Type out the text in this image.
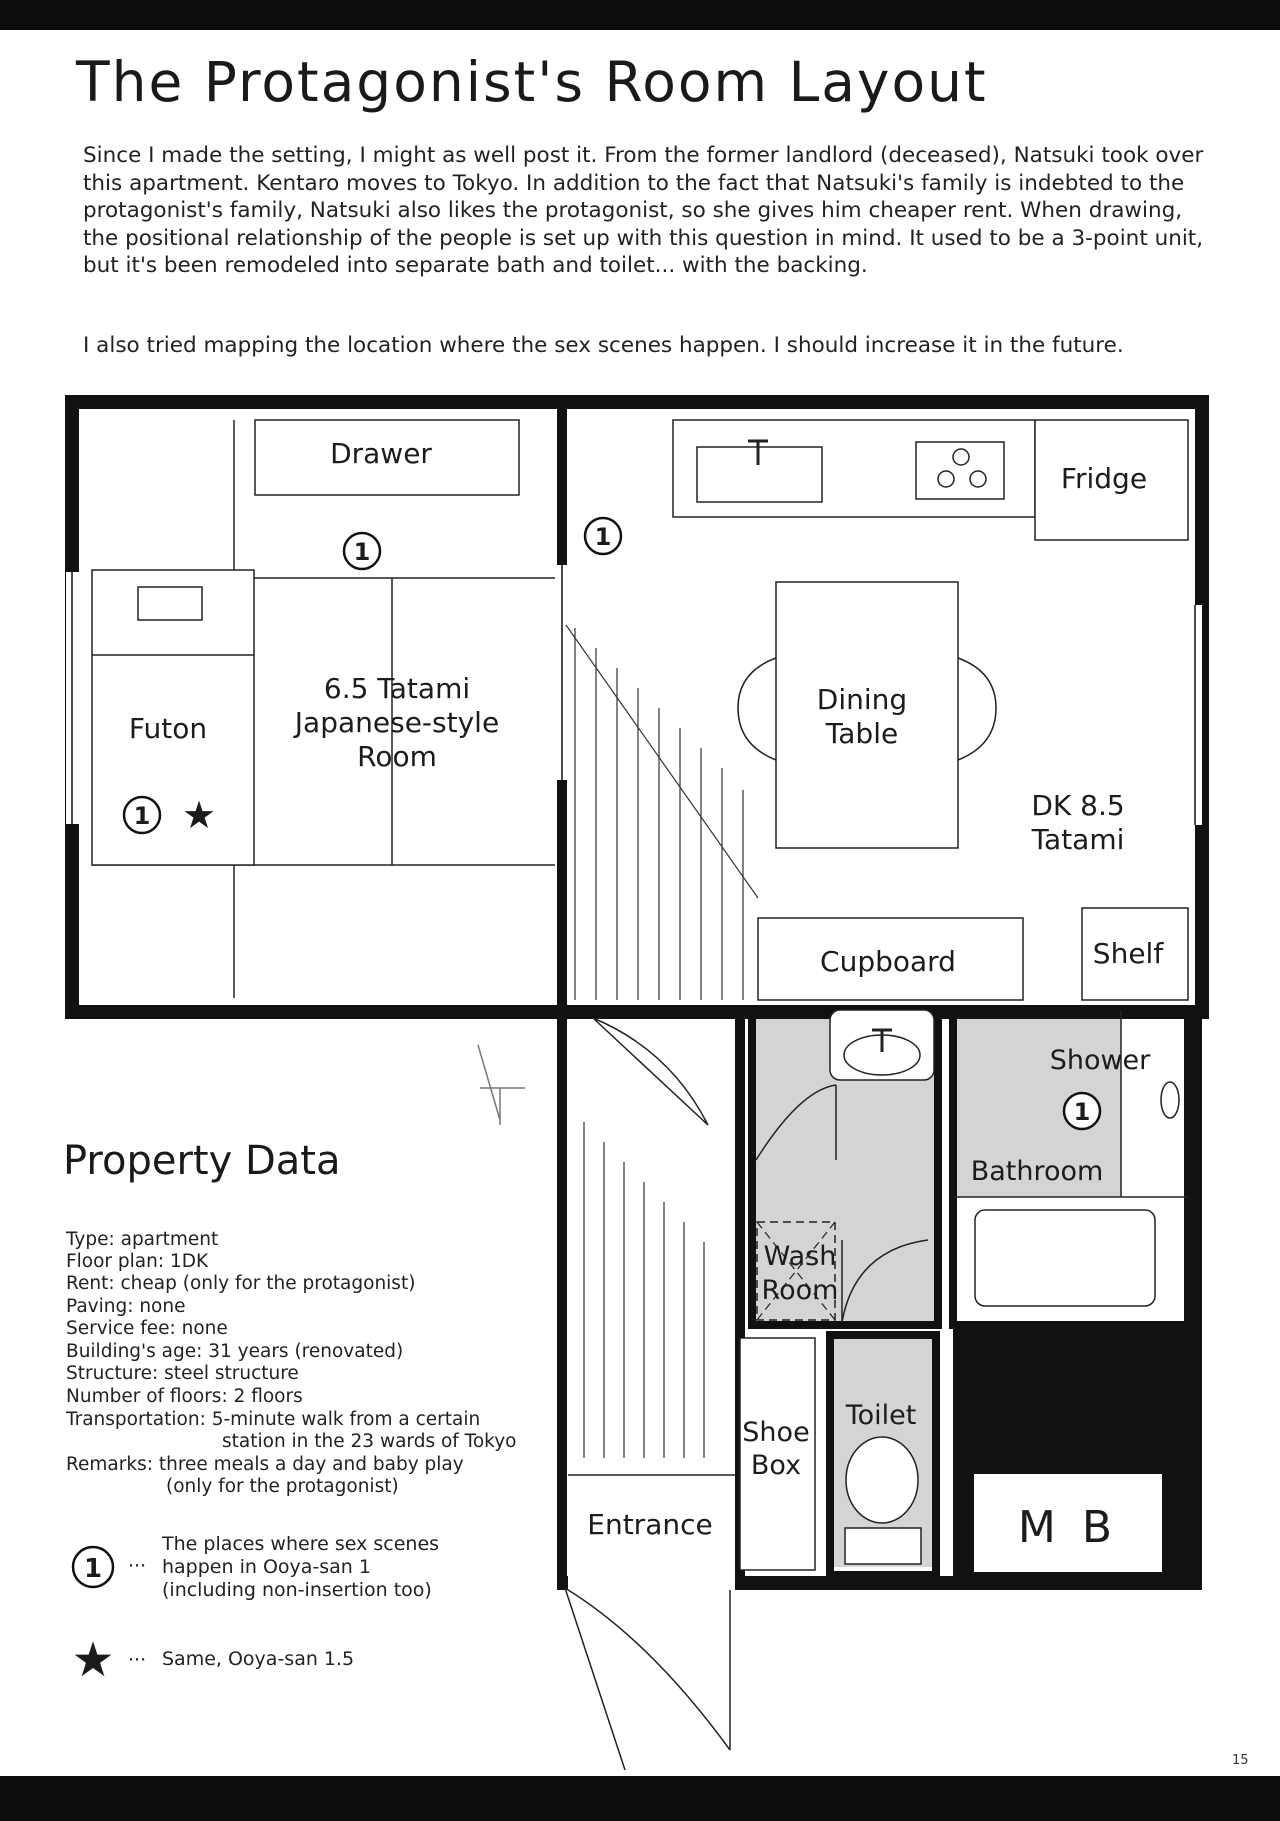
The Protagonist's Room Layout

Since I made the setting, I might as well post it. From the former landlord (deceased), Natsuki took over this apartment. Kentaro moves to Tokyo. In addition to the fact that Natsuki's family is indebted to the protagonist's family, Natsuki also likes the protagonist, so she gives him cheaper rent. When drawing, the positional relationship of the people is set up with this question in mind. It used to be a 3-point unit, but it's been remodeled into separate bath and toilet... with the backing.

I also tried mapping the location where the sex scenes happen. I should increase it in the future.

Drawer
Fridge
Futon
6.5 Tatami
Japanese-style
Room
Dining
Table
DK 8.5
Tatami
Cupboard	Shelf
Shower
Bathroom
Wash
Room
Toilet
Shoe
Box
Entrance	M B
1
1
1 ★
1
1
★
Property Data
Type: apartment
Floor plan: 1DK
Rent: cheap (only for the protagonist)
Paving: none
Service fee: none
Building's age: 31 years (renovated)
Structure: steel structure
Number of floors: 2 floors
Transportation: 5-minute walk from a certain
station in the 23 wards of Tokyo
Remarks: three meals a day and baby play
(only for the protagonist)
···
The places where sex scenes
happen in Ooya-san 1
(including non-insertion too)
··· Same, Ooya-san 1.5
15
